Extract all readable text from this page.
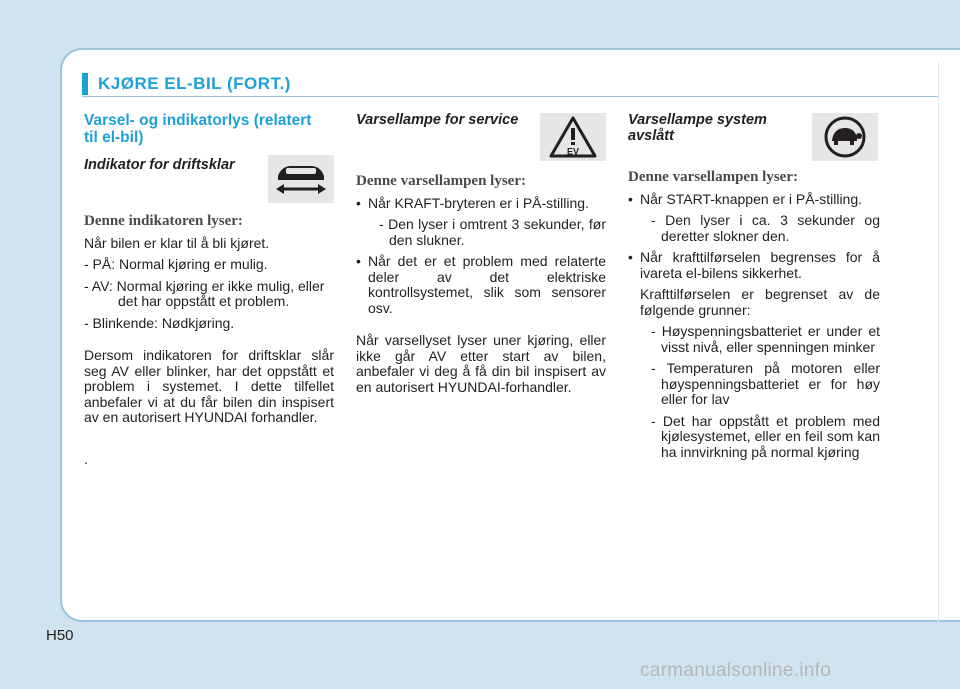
KJØRE EL-BIL (FORT.)
Varsel- og indikatorlys (relatert til el-bil)
Indikator for driftsklar
Denne indikatoren lyser:
Når bilen er klar til å bli kjøret.
- PÅ: Normal kjøring er mulig.
- AV: Normal kjøring er ikke mulig, eller det har oppstått et problem.
- Blinkende: Nødkjøring.
Dersom indikatoren for driftsklar slår seg AV eller blinker, har det oppstått et problem i systemet. I dette tilfellet anbefaler vi at du får bilen din inspisert av en autorisert HYUNDAI forhandler.
.
Varsellampe for service
Denne varsellampen lyser:
• Når KRAFT-bryteren er i PÅ-stilling.
- Den lyser i omtrent 3 sekunder, før den slukner.
• Når det er et problem med relaterte deler av det elektriske kontrollsystemet, slik som sensorer osv.
Når varsellyset lyser uner kjøring, eller ikke går AV etter start av bilen, anbefaler vi deg å få din bil inspisert av en autorisert HYUNDAI-forhandler.
EV
Varsellampe system avslått
Denne varsellampen lyser:
• Når START-knappen er i PÅ-stilling.
- Den lyser i ca. 3 sekunder og deretter slokner den.
• Når krafttilførselen begrenses for å ivareta el-bilens sikkerhet.
Krafttilførselen er begrenset av de følgende grunner:
- Høyspenningsbatteriet er under et visst nivå, eller spenningen minker
- Temperaturen på motoren eller høyspenningsbatteriet er for høy eller for lav
- Det har oppstått et problem med kjølesystemet, eller en feil som kan ha innvirkning på normal kjøring
H50
carmanualsonline.info
